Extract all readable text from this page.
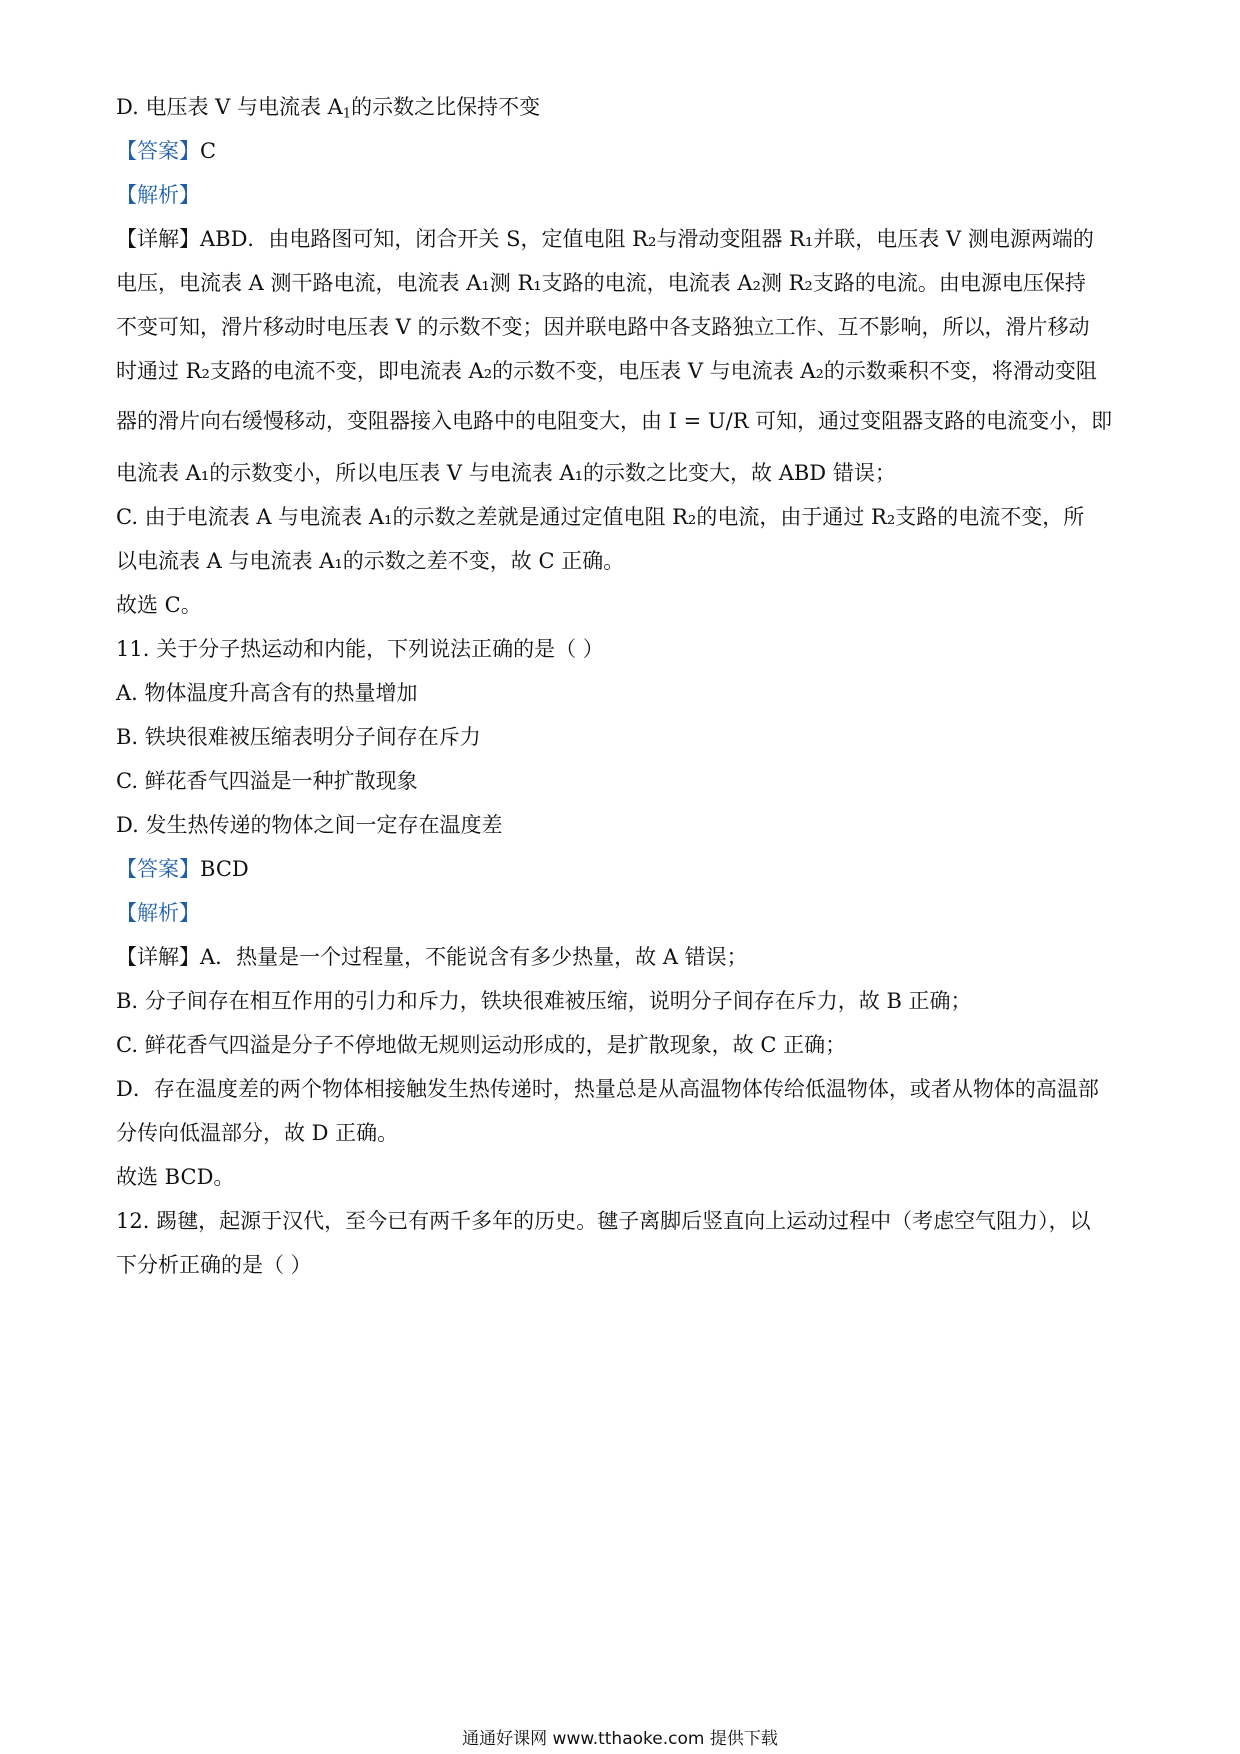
D. 电压表 V 与电流表 $A_1$的示数之比保持不变
【答案】C
【解析】
【详解】ABD．由电路图可知，闭合开关 S，定值电阻 R₂与滑动变阻器 R₁并联，电压表 V 测电源两端的
电压，电流表 A 测干路电流，电流表 A₁测 R₁支路的电流，电流表 A₂测 R₂支路的电流。由电源电压保持
不变可知，滑片移动时电压表 V 的示数不变；因并联电路中各支路独立工作、互不影响，所以，滑片移动
时通过 R₂支路的电流不变，即电流表 A₂的示数不变，电压表 V 与电流表 A₂的示数乘积不变，将滑动变阻
器的滑片向右缓慢移动，变阻器接入电路中的电阻变大，由 I = U/R 可知，通过变阻器支路的电流变小，即
电流表 A₁的示数变小，所以电压表 V 与电流表 A₁的示数之比变大，故 ABD 错误；
C. 由于电流表 A 与电流表 A₁的示数之差就是通过定值电阻 R₂的电流，由于通过 R₂支路的电流不变，所
以电流表 A 与电流表 A₁的示数之差不变，故 C 正确。
故选 C。
11. 关于分子热运动和内能，下列说法正确的是（ ）
A. 物体温度升高含有的热量增加
B. 铁块很难被压缩表明分子间存在斥力
C. 鲜花香气四溢是一种扩散现象
D. 发生热传递的物体之间一定存在温度差
【答案】BCD
【解析】
【详解】A．热量是一个过程量，不能说含有多少热量，故 A 错误；
B. 分子间存在相互作用的引力和斥力，铁块很难被压缩，说明分子间存在斥力，故 B 正确；
C. 鲜花香气四溢是分子不停地做无规则运动形成的，是扩散现象，故 C 正确；
D．存在温度差的两个物体相接触发生热传递时，热量总是从高温物体传给低温物体，或者从物体的高温部
分传向低温部分，故 D 正确。
故选 BCD。
12. 踢毽，起源于汉代，至今已有两千多年的历史。毽子离脚后竖直向上运动过程中（考虑空气阻力），以
下分析正确的是（ ）
通通好课网 www.tthaoke.com 提供下载
